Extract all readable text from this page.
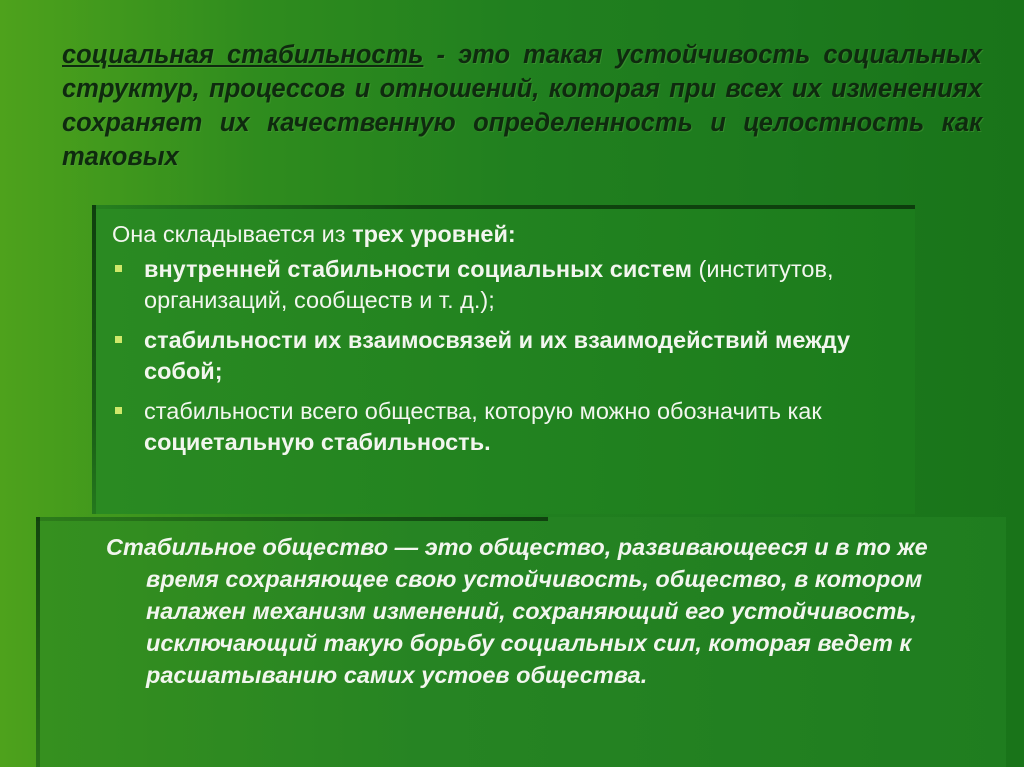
социальная стабильность - это такая устойчивость социальных структур, процессов и отношений, которая при всех их изменениях сохраняет их качественную определенность и целостность как таковых

Она складывается из трех уровней:

внутренней стабильности социальных систем (институтов, организаций, сообществ и т. д.);
стабильности их взаимосвязей и их взаимодействий между собой;
стабильности всего общества, которую можно обозначить как социетальную стабильность.

Стабильное общество — это общество, развивающееся и в то же время сохраняющее свою устойчивость, общество, в котором налажен механизм изменений, сохраняющий его устойчивость, исключающий такую борьбу социальных сил, которая ведет к расшатыванию самих устоев общества.
